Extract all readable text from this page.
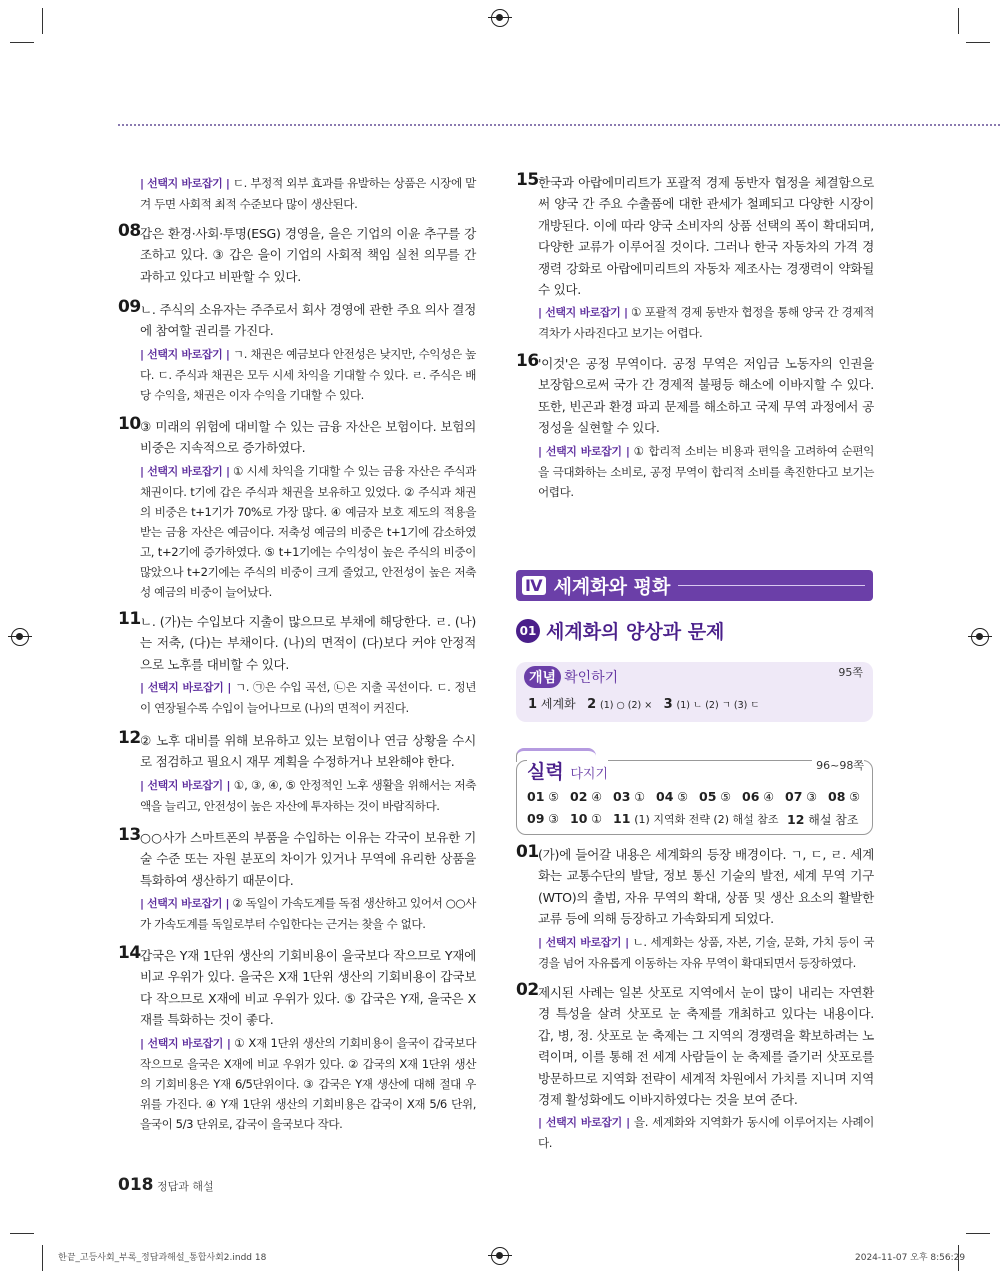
| 선택지 바로잡기 | ㄷ. 부정적 외부 효과를 유발하는 상품은 시장에 맡겨 두면 사회적 최적 수준보다 많이 생산된다.
08 갑은 환경·사회·투명(ESG) 경영을, 을은 기업의 이윤 추구를 강조하고 있다. ③ 갑은 을이 기업의 사회적 책임 실천 의무를 간과하고 있다고 비판할 수 있다.
09 ㄴ. 주식의 소유자는 주주로서 회사 경영에 관한 주요 의사 결정에 참여할 권리를 가진다.
| 선택지 바로잡기 | ㄱ. 채권은 예금보다 안전성은 낮지만, 수익성은 높다. ㄷ. 주식과 채권은 모두 시세 차익을 기대할 수 있다. ㄹ. 주식은 배당 수익을, 채권은 이자 수익을 기대할 수 있다.
10 ③ 미래의 위험에 대비할 수 있는 금융 자산은 보험이다. 보험의 비중은 지속적으로 증가하였다.
| 선택지 바로잡기 | ① 시세 차익을 기대할 수 있는 금융 자산은 주식과 채권이다. t기에 갑은 주식과 채권을 보유하고 있었다. ② 주식과 채권의 비중은 t+1기가 70%로 가장 많다. ④ 예금자 보호 제도의 적용을 받는 금융 자산은 예금이다. 저축성 예금의 비중은 t+1기에 감소하였고, t+2기에 증가하였다. ⑤ t+1기에는 수익성이 높은 주식의 비중이 많았으나 t+2기에는 주식의 비중이 크게 줄었고, 안전성이 높은 저축성 예금의 비중이 늘어났다.
11 ㄴ. (가)는 수입보다 지출이 많으므로 부채에 해당한다. ㄹ. (나)는 저축, (다)는 부채이다. (나)의 면적이 (다)보다 커야 안정적으로 노후를 대비할 수 있다.
| 선택지 바로잡기 | ㄱ. ㉠은 수입 곡선, ㉡은 지출 곡선이다. ㄷ. 정년이 연장될수록 수입이 늘어나므로 (나)의 면적이 커진다.
12 ② 노후 대비를 위해 보유하고 있는 보험이나 연금 상황을 수시로 점검하고 필요시 재무 계획을 수정하거나 보완해야 한다.
| 선택지 바로잡기 | ①, ③, ④, ⑤ 안정적인 노후 생활을 위해서는 저축액을 늘리고, 안전성이 높은 자산에 투자하는 것이 바람직하다.
13 ○○사가 스마트폰의 부품을 수입하는 이유는 각국이 보유한 기술 수준 또는 자원 분포의 차이가 있거나 무역에 유리한 상품을 특화하여 생산하기 때문이다.
| 선택지 바로잡기 | ② 독일이 가속도계를 독점 생산하고 있어서 ○○사가 가속도계를 독일로부터 수입한다는 근거는 찾을 수 없다.
14 갑국은 Y재 1단위 생산의 기회비용이 을국보다 작으므로 Y재에 비교 우위가 있다. 을국은 X재 1단위 생산의 기회비용이 갑국보다 작으므로 X재에 비교 우위가 있다. ⑤ 갑국은 Y재, 을국은 X재를 특화하는 것이 좋다.
| 선택지 바로잡기 | ① X재 1단위 생산의 기회비용이 을국이 갑국보다 작으므로 을국은 X재에 비교 우위가 있다. ② 갑국의 X재 1단위 생산의 기회비용은 Y재 6/5단위이다. ③ 갑국은 Y재 생산에 대해 절대 우위를 가진다. ④ Y재 1단위 생산의 기회비용은 갑국이 X재 5/6 단위, 을국이 5/3 단위로, 갑국이 을국보다 작다.
15 한국과 아랍에미리트가 포괄적 경제 동반자 협정을 체결함으로써 양국 간 주요 수출품에 대한 관세가 철폐되고 다양한 시장이 개방된다. 이에 따라 양국 소비자의 상품 선택의 폭이 확대되며, 다양한 교류가 이루어질 것이다. 그러나 한국 자동차의 가격 경쟁력 강화로 아랍에미리트의 자동차 제조사는 경쟁력이 약화될 수 있다.
| 선택지 바로잡기 | ① 포괄적 경제 동반자 협정을 통해 양국 간 경제적 격차가 사라진다고 보기는 어렵다.
16 '이것'은 공정 무역이다. 공정 무역은 저임금 노동자의 인권을 보장함으로써 국가 간 경제적 불평등 해소에 이바지할 수 있다. 또한, 빈곤과 환경 파괴 문제를 해소하고 국제 무역 과정에서 공정성을 실현할 수 있다.
| 선택지 바로잡기 | ① 합리적 소비는 비용과 편익을 고려하여 순편익을 극대화하는 소비로, 공정 무역이 합리적 소비를 촉진한다고 보기는 어렵다.
Ⅳ 세계화와 평화
01 세계화의 양상과 문제
개념 확인하기	95쪽
1 세계화 2 (1) ○ (2) × 3 (1) ㄴ (2) ㄱ (3) ㄷ
실력 다지기
96~98쪽
01 ⑤ 02 ④ 03 ① 04 ⑤ 05 ⑤ 06 ④ 07 ③ 08 ⑤
09 ③ 10 ① 11 (1) 지역화 전략 (2) 해설 참조 12 해설 참조
01 (가)에 들어갈 내용은 세계화의 등장 배경이다. ㄱ, ㄷ, ㄹ. 세계화는 교통수단의 발달, 정보 통신 기술의 발전, 세계 무역 기구(WTO)의 출범, 자유 무역의 확대, 상품 및 생산 요소의 활발한 교류 등에 의해 등장하고 가속화되게 되었다.
| 선택지 바로잡기 | ㄴ. 세계화는 상품, 자본, 기술, 문화, 가치 등이 국경을 넘어 자유롭게 이동하는 자유 무역이 확대되면서 등장하였다.
02 제시된 사례는 일본 삿포로 지역에서 눈이 많이 내리는 자연환경 특성을 살려 삿포로 눈 축제를 개최하고 있다는 내용이다. 갑, 병, 정. 삿포로 눈 축제는 그 지역의 경쟁력을 확보하려는 노력이며, 이를 통해 전 세계 사람들이 눈 축제를 즐기러 삿포로를 방문하므로 지역화 전략이 세계적 차원에서 가치를 지니며 지역 경제 활성화에도 이바지하였다는 것을 보여 준다.
| 선택지 바로잡기 | 을. 세계화와 지역화가 동시에 이루어지는 사례이다.
018 정답과 해설
한끝_고등사회_부록_정답과해설_통합사회2.indd 18	2024-11-07 오후 8:56:29
